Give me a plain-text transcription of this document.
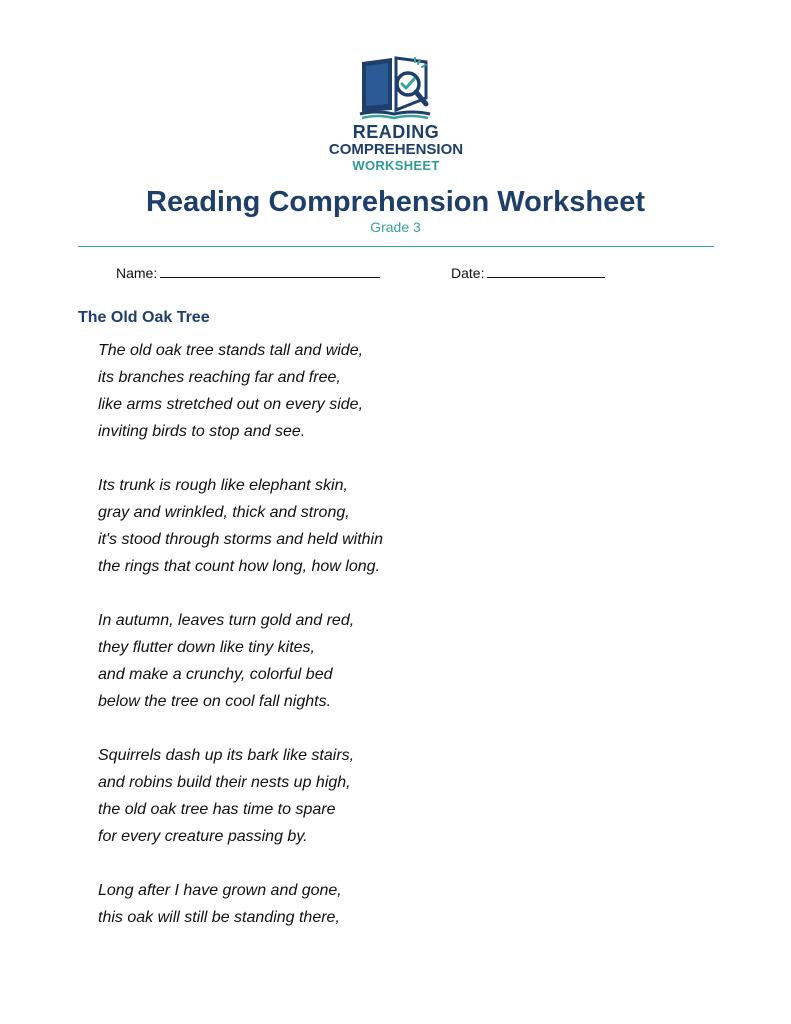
READING
COMPREHENSION
WORKSHEET
Reading Comprehension Worksheet
Grade 3
Name:	Date:
The Old Oak Tree
The old oak tree stands tall and wide,
its branches reaching far and free,
like arms stretched out on every side,
inviting birds to stop and see.
Its trunk is rough like elephant skin,
gray and wrinkled, thick and strong,
it's stood through storms and held within
the rings that count how long, how long.
In autumn, leaves turn gold and red,
they flutter down like tiny kites,
and make a crunchy, colorful bed
below the tree on cool fall nights.
Squirrels dash up its bark like stairs,
and robins build their nests up high,
the old oak tree has time to spare
for every creature passing by.
Long after I have grown and gone,
this oak will still be standing there,
